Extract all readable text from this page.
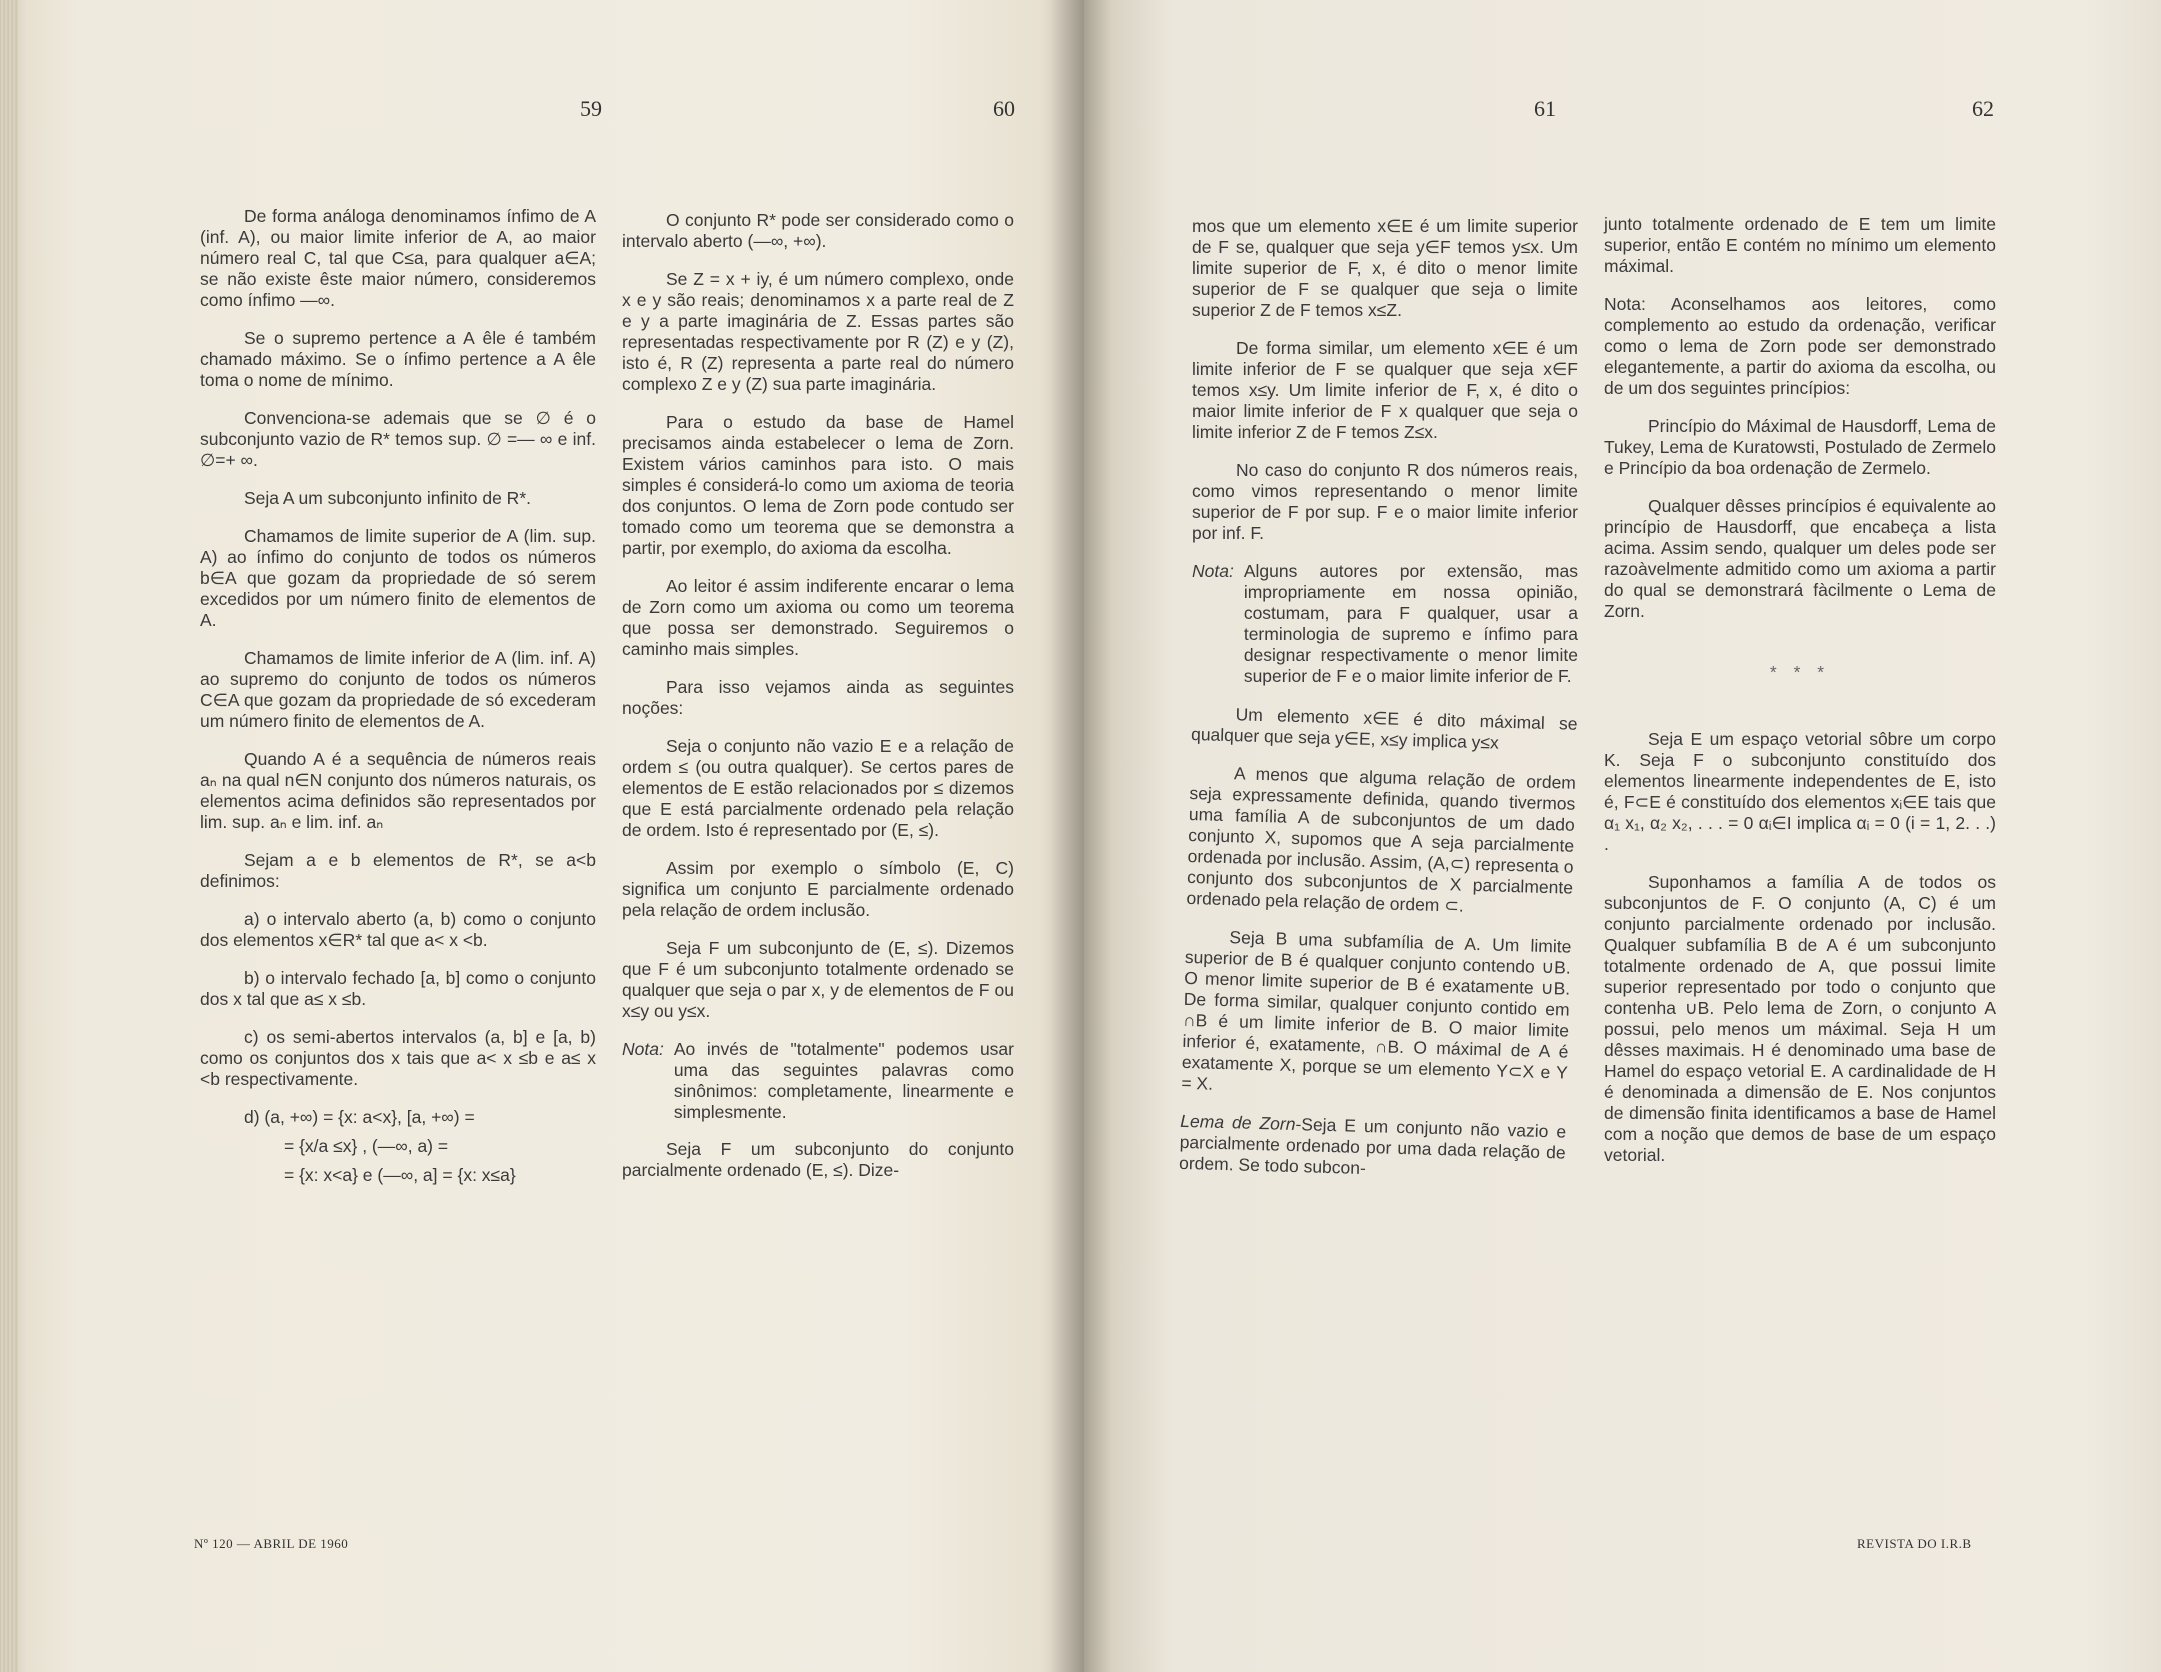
59	60

De forma análoga denominamos ínfimo de A (inf. A), ou maior limite inferior de A, ao maior número real C, tal que C≤a, para qualquer a∈A; se não existe êste maior número, consideremos como ínfimo —∞.

Se o supremo pertence a A êle é também chamado máximo. Se o ínfimo pertence a A êle toma o nome de mínimo.

Convenciona-se ademais que se ∅ é o subconjunto vazio de R* temos sup. ∅ =— ∞ e inf. ∅=+ ∞.

Seja A um subconjunto infinito de R*.

Chamamos de limite superior de A (lim. sup. A) ao ínfimo do conjunto de todos os números b∈A que gozam da propriedade de só serem excedidos por um número finito de elementos de A.

Chamamos de limite inferior de A (lim. inf. A) ao supremo do conjunto de todos os números C∈A que gozam da propriedade de só excederam um número finito de elementos de A.

Quando A é a sequência de números reais aₙ na qual n∈N conjunto dos números naturais, os elementos acima definidos são representados por lim. sup. aₙ e lim. inf. aₙ

Sejam a e b elementos de R*, se a<b definimos:

a) o intervalo aberto (a, b) como o conjunto dos elementos x∈R* tal que a< x <b.

b) o intervalo fechado [a, b] como o conjunto dos x tal que a≤ x ≤b.

c) os semi-abertos intervalos (a, b] e [a, b) como os conjuntos dos x tais que a< x ≤b e a≤ x <b respectivamente.

d) (a, +∞) = {x: a<x}, [a, +∞) =
= {x/a ≤x} , (—∞, a) =
= {x: x<a} e (—∞, a] = {x: x≤a}

O conjunto R* pode ser considerado como o intervalo aberto (—∞, +∞).

Se Z = x + iy, é um número complexo, onde x e y são reais; denominamos x a parte real de Z e y a parte imaginária de Z. Essas partes são representadas respectivamente por R (Z) e y (Z), isto é, R (Z) representa a parte real do número complexo Z e y (Z) sua parte imaginária.

Para o estudo da base de Hamel precisamos ainda estabelecer o lema de Zorn. Existem vários caminhos para isto. O mais simples é considerá-lo como um axioma de teoria dos conjuntos. O lema de Zorn pode contudo ser tomado como um teorema que se demonstra a partir, por exemplo, do axioma da escolha.

Ao leitor é assim indiferente encarar o lema de Zorn como um axioma ou como um teorema que possa ser demonstrado. Seguiremos o caminho mais simples.

Para isso vejamos ainda as seguintes noções:

Seja o conjunto não vazio E e a relação de ordem ≤ (ou outra qualquer). Se certos pares de elementos de E estão relacionados por ≤ dizemos que E está parcialmente ordenado pela relação de ordem. Isto é representado por (E, ≤).

Assim por exemplo o símbolo (E, C) significa um conjunto E parcialmente ordenado pela relação de ordem inclusão.

Seja F um subconjunto de (E, ≤). Dizemos que F é um subconjunto totalmente ordenado se qualquer que seja o par x, y de elementos de F ou x≤y ou y≤x.

Nota: Ao invés de "totalmente" podemos usar uma das seguintes palavras como sinônimos: completamente, linearmente e simplesmente.

Seja F um subconjunto do conjunto parcialmente ordenado (E, ≤). Dize-

Nº 120 — ABRIL DE 1960
61	62

mos que um elemento x∈E é um limite superior de F se, qualquer que seja y∈F temos y≤x. Um limite superior de F, x, é dito o menor limite superior de F se qualquer que seja o limite superior Z de F temos x≤Z.

De forma similar, um elemento x∈E é um limite inferior de F se qualquer que seja x∈F temos x≤y. Um limite inferior de F, x, é dito o maior limite inferior de F x qualquer que seja o limite inferior Z de F temos Z≤x.

No caso do conjunto R dos números reais, como vimos representando o menor limite superior de F por sup. F e o maior limite inferior por inf. F.

Nota: Alguns autores por extensão, mas impropriamente em nossa opinião, costumam, para F qualquer, usar a terminologia de supremo e ínfimo para designar respectivamente o menor limite superior de F e o maior limite inferior de F.

Um elemento x∈E é dito máximal se qualquer que seja y∈E, x≤y implica y≤x

A menos que alguma relação de ordem seja expressamente definida, quando tivermos uma família A de subconjuntos de um dado conjunto X, supomos que A seja parcialmente ordenada por inclusão. Assim, (A,⊂) representa o conjunto dos subconjuntos de X parcialmente ordenado pela relação de ordem ⊂.

Seja B uma subfamília de A. Um limite superior de B é qualquer conjunto contendo ∪B. O menor limite superior de B é exatamente ∪B. De forma similar, qualquer conjunto contido em ∩B é um limite inferior de B. O maior limite inferior é, exatamente, ∩B. O máximal de A é exatamente X, porque se um elemento Y⊂X e Y = X.

Lema de Zorn-Seja E um conjunto não vazio e parcialmente ordenado por uma dada relação de ordem. Se todo subcon-

junto totalmente ordenado de E tem um limite superior, então E contém no mínimo um elemento máximal.

Nota: Aconselhamos aos leitores, como complemento ao estudo da ordenação, verificar como o lema de Zorn pode ser demonstrado elegantemente, a partir do axioma da escolha, ou de um dos seguintes princípios:

Princípio do Máximal de Hausdorff, Lema de Tukey, Lema de Kuratowsti, Postulado de Zermelo e Princípio da boa ordenação de Zermelo.

Qualquer dêsses princípios é equivalente ao princípio de Hausdorff, que encabeça a lista acima. Assim sendo, qualquer um deles pode ser razoàvelmente admitido como um axioma a partir do qual se demonstrará fàcilmente o Lema de Zorn.

* * *

Seja E um espaço vetorial sôbre um corpo K. Seja F o subconjunto constituído dos elementos linearmente independentes de E, isto é, F⊂E é constituído dos elementos xᵢ∈E tais que α₁ x₁, α₂ x₂, . . . = 0 αᵢ∈I implica αᵢ = 0 (i = 1, 2. . .) .

Suponhamos a família A de todos os subconjuntos de F. O conjunto (A, C) é um conjunto parcialmente ordenado por inclusão. Qualquer subfamília B de A é um subconjunto totalmente ordenado de A, que possui limite superior representado por todo o conjunto que contenha ∪B. Pelo lema de Zorn, o conjunto A possui, pelo menos um máximal. Seja H um dêsses maximais. H é denominado uma base de Hamel do espaço vetorial E. A cardinalidade de H é denominada a dimensão de E. Nos conjuntos de dimensão finita identificamos a base de Hamel com a noção que demos de base de um espaço vetorial.

REVISTA DO I.R.B
